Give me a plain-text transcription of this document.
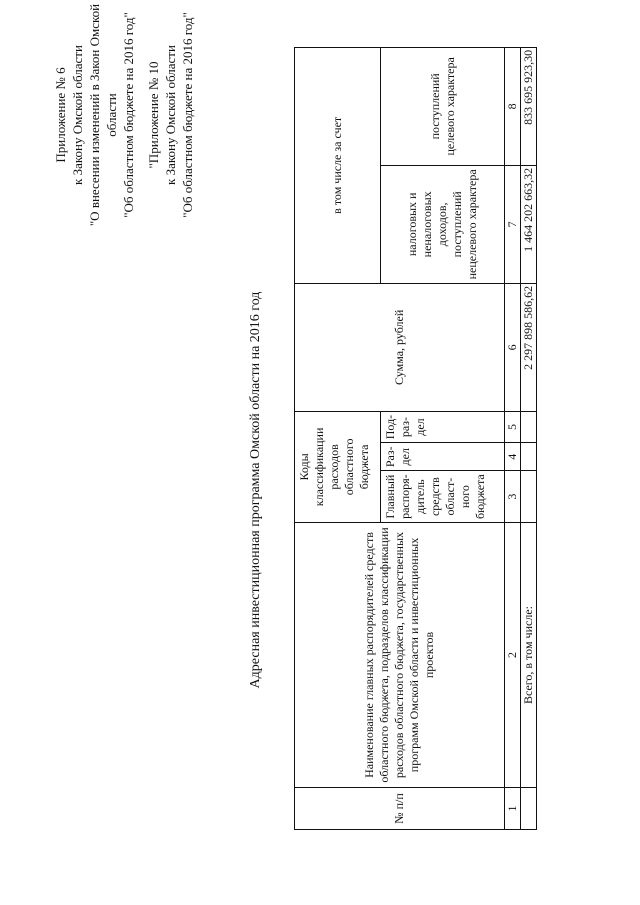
Приложение № 6 к Закону Омской области "О внесении изменений в Закон Омской области "Об областном бюджете на 2016 год" "Приложение № 10 к Закону Омской области "Об областном бюджете на 2016 год"
Адресная инвестиционная программа Омской области на 2016 год
№ п/п	Наименование главных распорядителей средств областного бюджета, подразделов классификации расходов областного бюджета, государственных программ Омской области и инвестиционных проектов	Коды классификации расходов областного бюджета			Сумма, рублей	в том числе за счет	
		Главный распоря-дитель средств област-ного бюджета	Раз-дел	Под-раз-дел		налоговых и неналоговых доходов, поступлений нецелевого характера	поступлений целевого характера
1	2	3	4	5	6	7	8
	Всего, в том числе:				2 297 898 586,62	1 464 202 663,32	833 695 923,30
